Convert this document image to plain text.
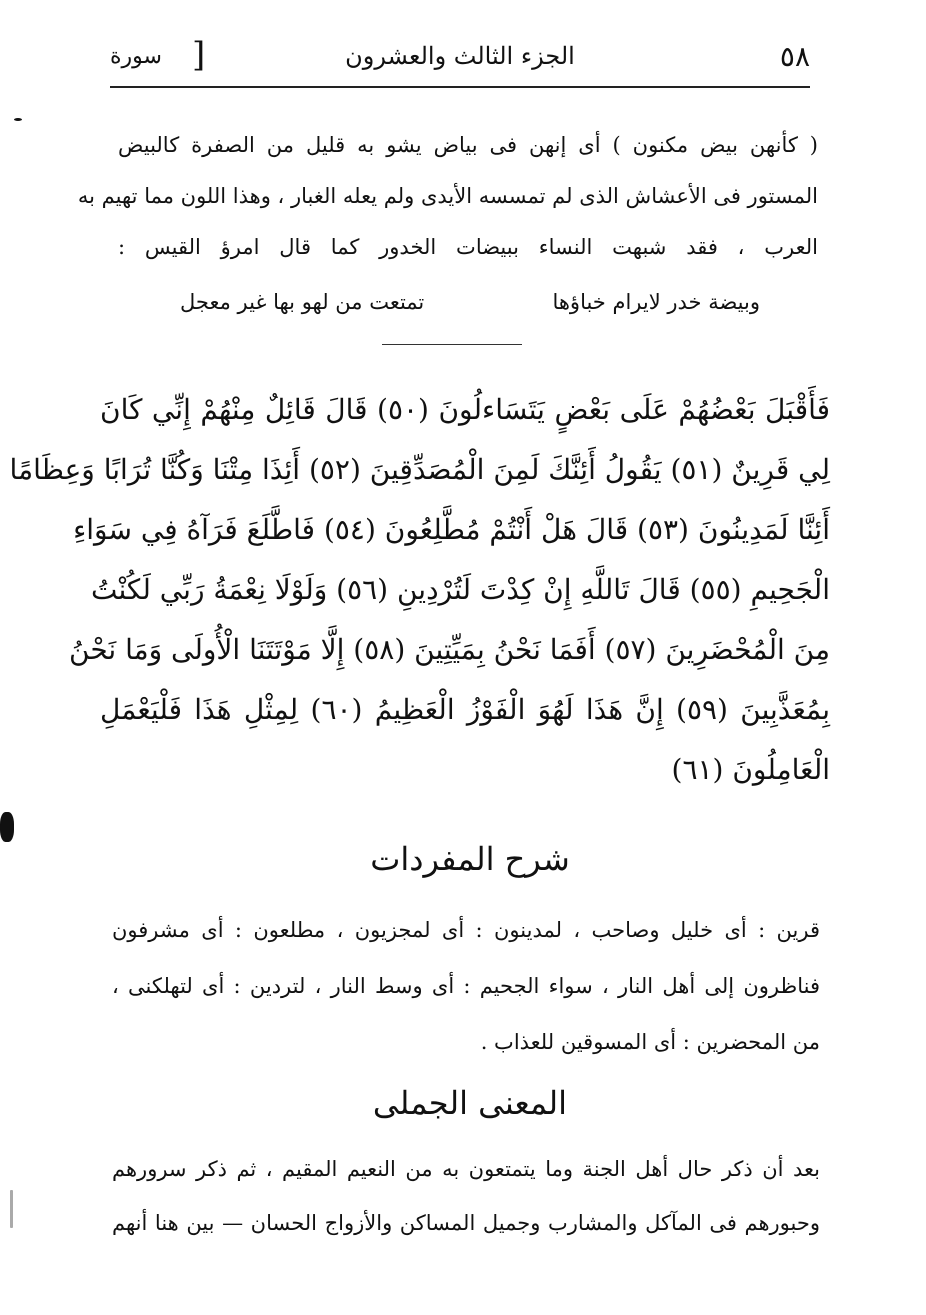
٥٨
الجزء الثالث والعشرون
[
سورة
( كأنهن بيض مكنون ) أى إنهن فى بياض يشو به قليل من الصفرة كالبيض
المستور فى الأعشاش الذى لم تمسسه الأيدى ولم يعله الغبار ، وهذا اللون مما تهيم به
العرب ، فقد شبهت النساء ببيضات الخدور كما قال امرؤ القيس :
وبيضة خدر لايرام خباؤها
تمتعت من لهو بها غير معجل
فَأَقْبَلَ بَعْضُهُمْ عَلَى بَعْضٍ يَتَسَاءلُونَ (٥٠) قَالَ قَائِلٌ مِنْهُمْ إِنِّي كَانَ
لِي قَرِينٌ (٥١) يَقُولُ أَئِنَّكَ لَمِنَ الْمُصَدِّقِينَ (٥٢) أَئِذَا مِتْنَا وَكُنَّا تُرَابًا وَعِظَامًا
أَئِنَّا لَمَدِينُونَ (٥٣) قَالَ هَلْ أَنْتُمْ مُطَّلِعُونَ (٥٤) فَاطَّلَعَ فَرَآهُ فِي سَوَاءِ
الْجَحِيمِ (٥٥) قَالَ تَاللَّهِ إِنْ كِدْتَ لَتُرْدِينِ (٥٦) وَلَوْلَا نِعْمَةُ رَبِّي لَكُنْتُ
مِنَ الْمُحْضَرِينَ (٥٧) أَفَمَا نَحْنُ بِمَيِّتِينَ (٥٨) إِلَّا مَوْتَتَنَا الْأُولَى وَمَا نَحْنُ
بِمُعَذَّبِينَ (٥٩) إِنَّ هَذَا لَهُوَ الْفَوْزُ الْعَظِيمُ (٦٠) لِمِثْلِ هَذَا فَلْيَعْمَلِ
الْعَامِلُونَ (٦١)
شرح المفردات
قرين : أى خليل وصاحب ، لمدينون : أى لمجزيون ، مطلعون : أى مشرفون
فناظرون إلى أهل النار ، سواء الجحيم : أى وسط النار ، لتردين : أى لتهلكنى ،
من المحضرين : أى المسوقين للعذاب .
المعنى الجملى
بعد أن ذكر حال أهل الجنة وما يتمتعون به من النعيم المقيم ، ثم ذكر سرورهم
وحبورهم فى المآكل والمشارب وجميل المساكن والأزواج الحسان — بين هنا أنهم
